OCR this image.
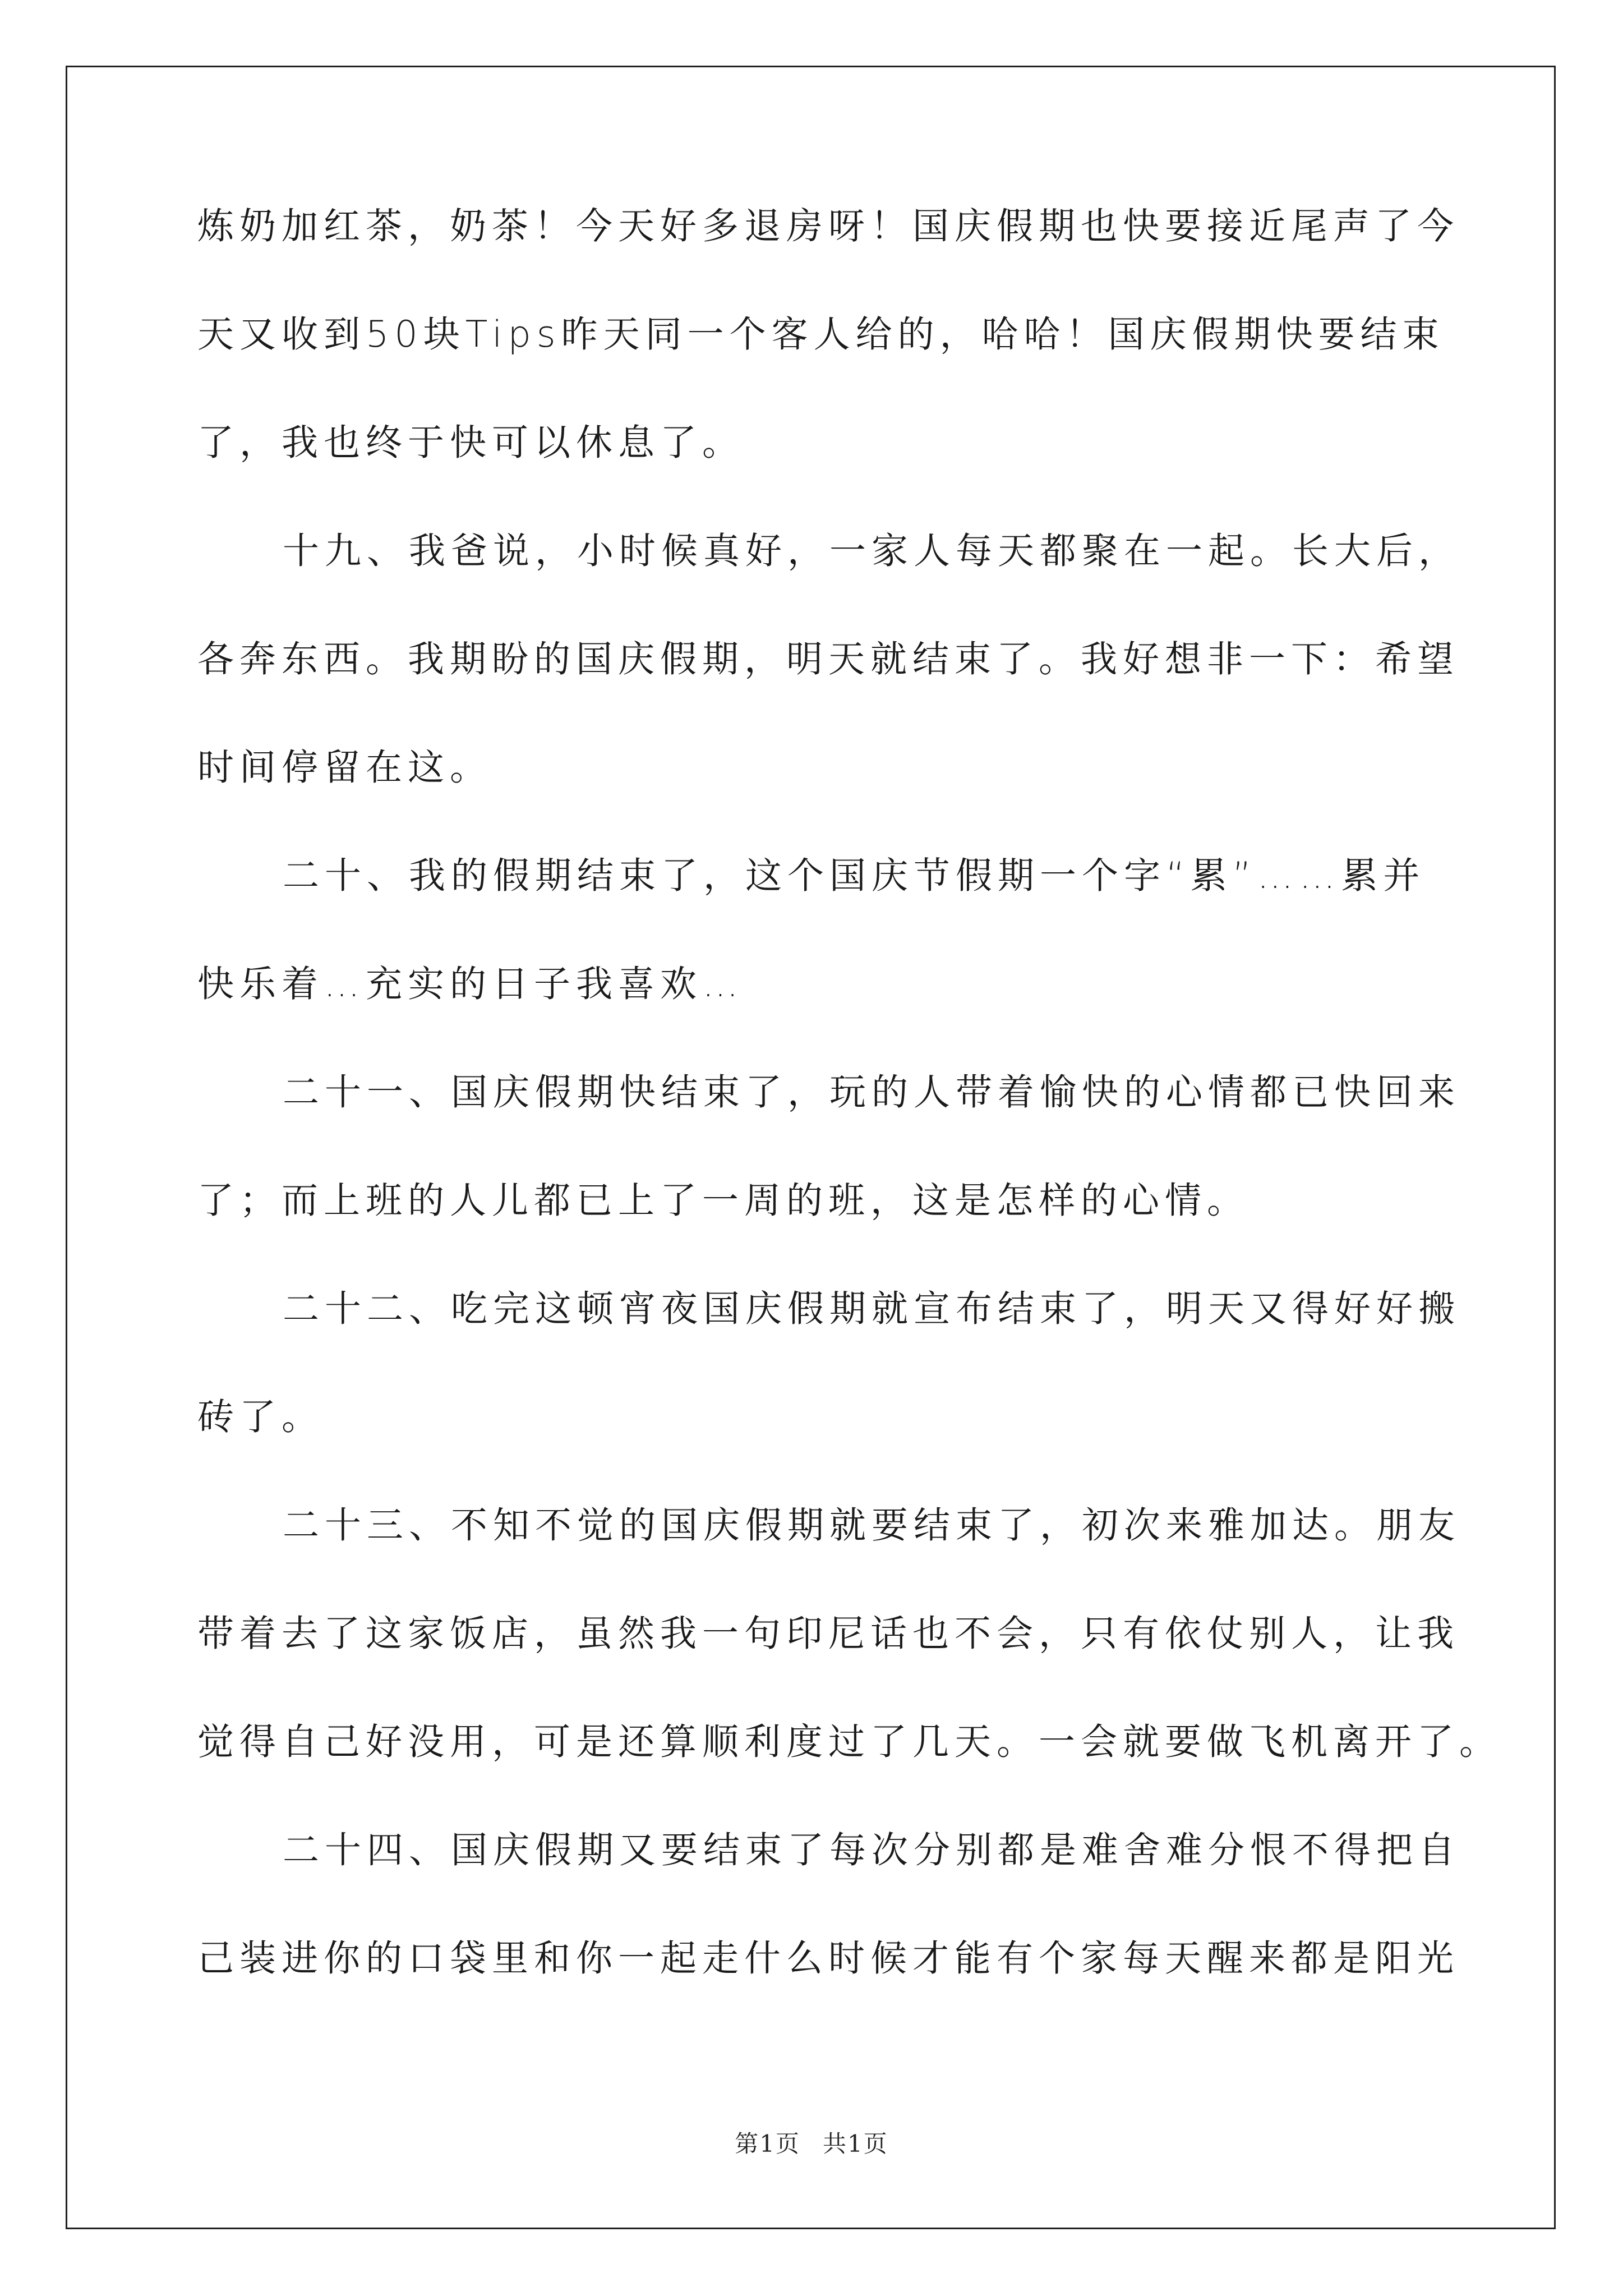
炼奶加红茶，奶茶！今天好多退房呀！国庆假期也快要接近尾声了今
天又收到50块Tips昨天同一个客人给的，哈哈！国庆假期快要结束
了，我也终于快可以休息了。

十九、我爸说，小时候真好，一家人每天都聚在一起。长大后，
各奔东西。我期盼的国庆假期，明天就结束了。我好想非一下：希望
时间停留在这。

二十、我的假期结束了，这个国庆节假期一个字“累”……累并
快乐着…充实的日子我喜欢…

二十一、国庆假期快结束了，玩的人带着愉快的心情都已快回来
了；而上班的人儿都已上了一周的班，这是怎样的心情。

二十二、吃完这顿宵夜国庆假期就宣布结束了，明天又得好好搬
砖了。

二十三、不知不觉的国庆假期就要结束了，初次来雅加达。朋友
带着去了这家饭店，虽然我一句印尼话也不会，只有依仗别人，让我
觉得自己好没用，可是还算顺利度过了几天。一会就要做飞机离开了。

二十四、国庆假期又要结束了每次分别都是难舍难分恨不得把自
己装进你的口袋里和你一起走什么时候才能有个家每天醒来都是阳光

第1页 共1页
